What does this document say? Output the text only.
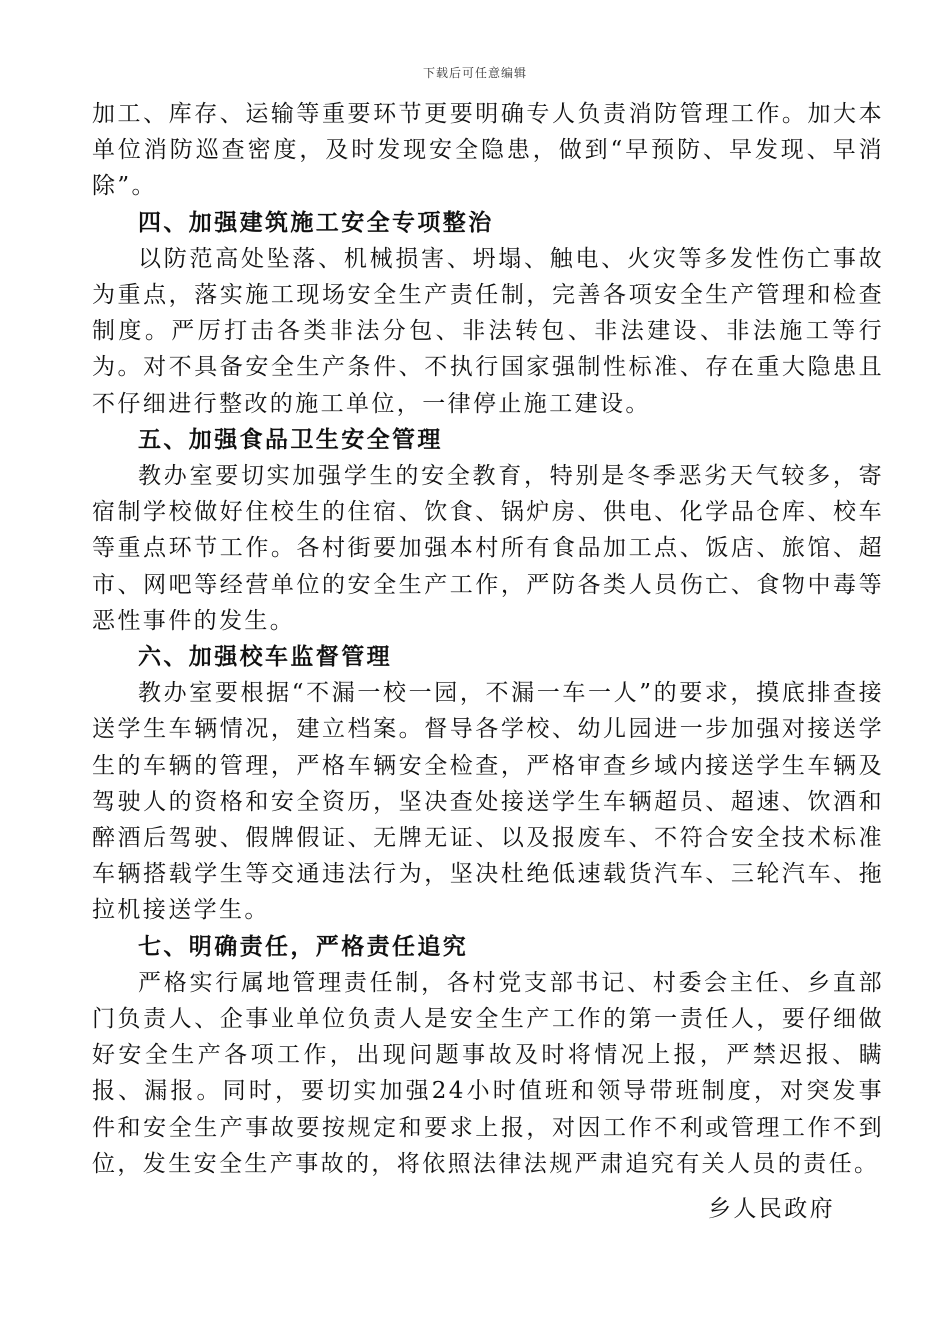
下载后可任意编辑

加工、库存、运输等重要环节更要明确专人负责消防管理工作。加大本单位消防巡查密度，及时发现安全隐患，做到“早预防、早发现、早消除”。

四、加强建筑施工安全专项整治

以防范高处坠落、机械损害、坍塌、触电、火灾等多发性伤亡事故为重点，落实施工现场安全生产责任制，完善各项安全生产管理和检查制度。严厉打击各类非法分包、非法转包、非法建设、非法施工等行为。对不具备安全生产条件、不执行国家强制性标准、存在重大隐患且不仔细进行整改的施工单位，一律停止施工建设。

五、加强食品卫生安全管理

教办室要切实加强学生的安全教育，特别是冬季恶劣天气较多，寄宿制学校做好住校生的住宿、饮食、锅炉房、供电、化学品仓库、校车等重点环节工作。各村街要加强本村所有食品加工点、饭店、旅馆、超市、网吧等经营单位的安全生产工作，严防各类人员伤亡、食物中毒等恶性事件的发生。

六、加强校车监督管理

教办室要根据“不漏一校一园，不漏一车一人”的要求，摸底排查接送学生车辆情况，建立档案。督导各学校、幼儿园进一步加强对接送学生的车辆的管理，严格车辆安全检查，严格审查乡域内接送学生车辆及驾驶人的资格和安全资历，坚决查处接送学生车辆超员、超速、饮酒和醉酒后驾驶、假牌假证、无牌无证、以及报废车、不符合安全技术标准车辆搭载学生等交通违法行为，坚决杜绝低速载货汽车、三轮汽车、拖拉机接送学生。

七、明确责任，严格责任追究

严格实行属地管理责任制，各村党支部书记、村委会主任、乡直部门负责人、企事业单位负责人是安全生产工作的第一责任人，要仔细做好安全生产各项工作，出现问题事故及时将情况上报，严禁迟报、瞒报、漏报。同时，要切实加强24小时值班和领导带班制度，对突发事件和安全生产事故要按规定和要求上报，对因工作不利或管理工作不到位，发生安全生产事故的，将依照法律法规严肃追究有关人员的责任。

乡人民政府
